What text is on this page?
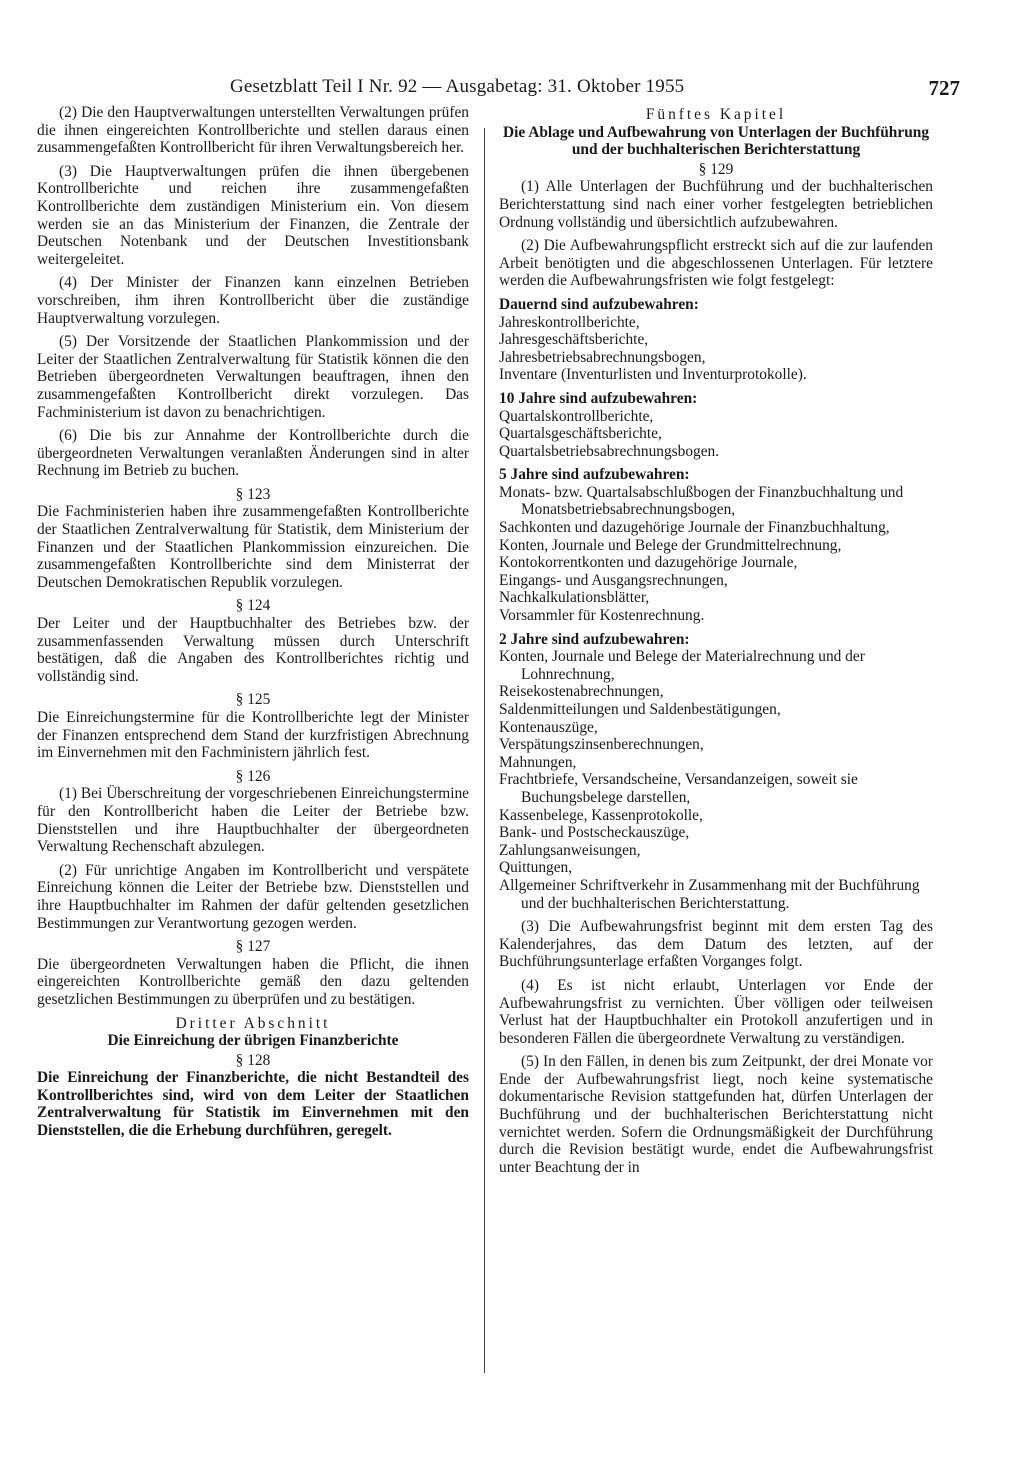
Gesetzblatt Teil I Nr. 92 — Ausgabetag: 31. Oktober 1955	727

(2) Die den Hauptverwaltungen unterstellten Verwaltungen prüfen die ihnen eingereichten Kontrollberichte und stellen daraus einen zusammengefaßten Kontrollbericht für ihren Verwaltungsbereich her.

(3) Die Hauptverwaltungen prüfen die ihnen übergebenen Kontrollberichte und reichen ihre zusammengefaßten Kontrollberichte dem zuständigen Ministerium ein. Von diesem werden sie an das Ministerium der Finanzen, die Zentrale der Deutschen Notenbank und der Deutschen Investitionsbank weitergeleitet.

(4) Der Minister der Finanzen kann einzelnen Betrieben vorschreiben, ihm ihren Kontrollbericht über die zuständige Hauptverwaltung vorzulegen.

(5) Der Vorsitzende der Staatlichen Plankommission und der Leiter der Staatlichen Zentralverwaltung für Statistik können die den Betrieben übergeordneten Verwaltungen beauftragen, ihnen den zusammengefaßten Kontrollbericht direkt vorzulegen. Das Fachministerium ist davon zu benachrichtigen.

(6) Die bis zur Annahme der Kontrollberichte durch die übergeordneten Verwaltungen veranlaßten Änderungen sind in alter Rechnung im Betrieb zu buchen.

§ 123

Die Fachministerien haben ihre zusammengefaßten Kontrollberichte der Staatlichen Zentralverwaltung für Statistik, dem Ministerium der Finanzen und der Staatlichen Plankommission einzureichen. Die zusammengefaßten Kontrollberichte sind dem Ministerrat der Deutschen Demokratischen Republik vorzulegen.

§ 124

Der Leiter und der Hauptbuchhalter des Betriebes bzw. der zusammenfassenden Verwaltung müssen durch Unterschrift bestätigen, daß die Angaben des Kontrollberichtes richtig und vollständig sind.

§ 125

Die Einreichungstermine für die Kontrollberichte legt der Minister der Finanzen entsprechend dem Stand der kurzfristigen Abrechnung im Einvernehmen mit den Fachministern jährlich fest.

§ 126

(1) Bei Überschreitung der vorgeschriebenen Einreichungstermine für den Kontrollbericht haben die Leiter der Betriebe bzw. Dienststellen und ihre Hauptbuchhalter der übergeordneten Verwaltung Rechenschaft abzulegen.

(2) Für unrichtige Angaben im Kontrollbericht und verspätete Einreichung können die Leiter der Betriebe bzw. Dienststellen und ihre Hauptbuchhalter im Rahmen der dafür geltenden gesetzlichen Bestimmungen zur Verantwortung gezogen werden.

§ 127

Die übergeordneten Verwaltungen haben die Pflicht, die ihnen eingereichten Kontrollberichte gemäß den dazu geltenden gesetzlichen Bestimmungen zu überprüfen und zu bestätigen.

Dritter Abschnitt

Die Einreichung der übrigen Finanzberichte

§ 128

Die Einreichung der Finanzberichte, die nicht Bestandteil des Kontrollberichtes sind, wird von dem Leiter der Staatlichen Zentralverwaltung für Statistik im Einvernehmen mit den Dienststellen, die die Erhebung durchführen, geregelt.

Fünftes Kapitel

Die Ablage und Aufbewahrung von Unterlagen der Buchführung und der buchhalterischen Berichterstattung

§ 129

(1) Alle Unterlagen der Buchführung und der buchhalterischen Berichterstattung sind nach einer vorher festgelegten betrieblichen Ordnung vollständig und übersichtlich aufzubewahren.

(2) Die Aufbewahrungspflicht erstreckt sich auf die zur laufenden Arbeit benötigten und die abgeschlossenen Unterlagen. Für letztere werden die Aufbewahrungsfristen wie folgt festgelegt:

Dauernd sind aufzubewahren:
Jahreskontrollberichte,
Jahresgeschäftsberichte,
Jahresbetriebsabrechnungsbogen,
Inventare (Inventurlisten und Inventurprotokolle).
10 Jahre sind aufzubewahren:
Quartalskontrollberichte,
Quartalsgeschäftsberichte,
Quartalsbetriebsabrechnungsbogen.
5 Jahre sind aufzubewahren:
Monats- bzw. Quartalsabschlußbogen der Finanzbuchhaltung und Monatsbetriebsabrechnungsbogen,
Sachkonten und dazugehörige Journale der Finanzbuchhaltung,
Konten, Journale und Belege der Grundmittelrechnung,
Kontokorrentkonten und dazugehörige Journale,
Eingangs- und Ausgangsrechnungen,
Nachkalkulationsblätter,
Vorsammler für Kostenrechnung.
2 Jahre sind aufzubewahren:
Konten, Journale und Belege der Materialrechnung und der Lohnrechnung,
Reisekostenabrechnungen,
Saldenmitteilungen und Saldenbestätigungen,
Kontenauszüge,
Verspätungszinsenberechnungen,
Mahnungen,
Frachtbriefe, Versandscheine, Versandanzeigen, soweit sie Buchungsbelege darstellen,
Kassenbelege, Kassenprotokolle,
Bank- und Postscheckauszüge,
Zahlungsanweisungen,
Quittungen,
Allgemeiner Schriftverkehr in Zusammenhang mit der Buchführung und der buchhalterischen Berichterstattung.

(3) Die Aufbewahrungsfrist beginnt mit dem ersten Tag des Kalenderjahres, das dem Datum des letzten, auf der Buchführungsunterlage erfaßten Vorganges folgt.

(4) Es ist nicht erlaubt, Unterlagen vor Ende der Aufbewahrungsfrist zu vernichten. Über völligen oder teilweisen Verlust hat der Hauptbuchhalter ein Protokoll anzufertigen und in besonderen Fällen die übergeordnete Verwaltung zu verständigen.

(5) In den Fällen, in denen bis zum Zeitpunkt, der drei Monate vor Ende der Aufbewahrungsfrist liegt, noch keine systematische dokumentarische Revision stattgefunden hat, dürfen Unterlagen der Buchführung und der buchhalterischen Berichterstattung nicht vernichtet werden. Sofern die Ordnungsmäßigkeit der Durchführung durch die Revision bestätigt wurde, endet die Aufbewahrungsfrist unter Beachtung der in
